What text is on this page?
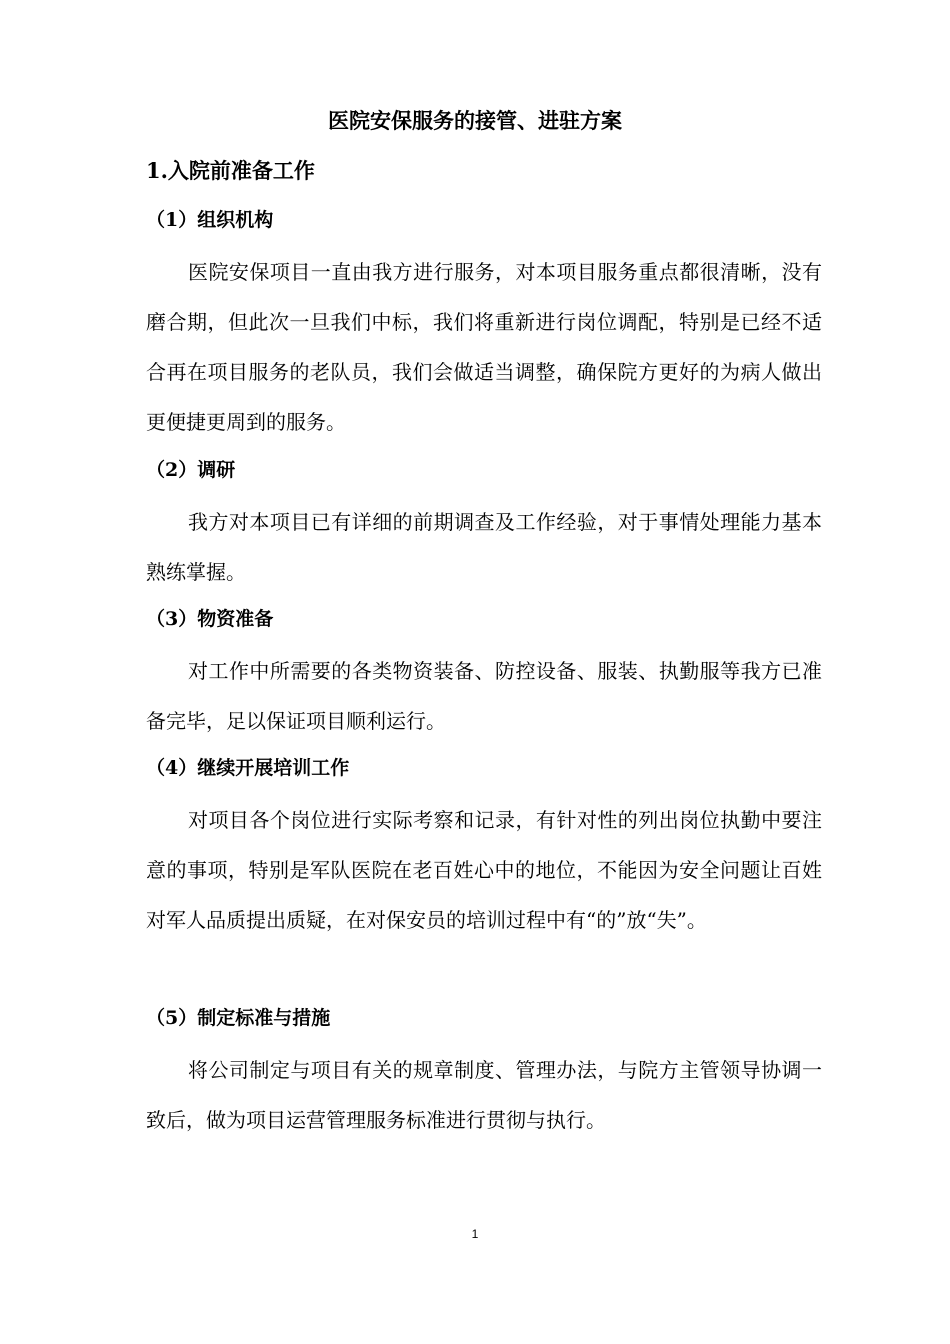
医院安保服务的接管、进驻方案
1.入院前准备工作
（1）组织机构

医院安保项目一直由我方进行服务，对本项目服务重点都很清晰，没有磨合期，但此次一旦我们中标，我们将重新进行岗位调配，特别是已经不适合再在项目服务的老队员，我们会做适当调整，确保院方更好的为病人做出更便捷更周到的服务。

（2）调研

我方对本项目已有详细的前期调查及工作经验，对于事情处理能力基本熟练掌握。

（3）物资准备

对工作中所需要的各类物资装备、防控设备、服装、执勤服等我方已准备完毕，足以保证项目顺利运行。

（4）继续开展培训工作

对项目各个岗位进行实际考察和记录，有针对性的列出岗位执勤中要注意的事项，特别是军队医院在老百姓心中的地位，不能因为安全问题让百姓对军人品质提出质疑，在对保安员的培训过程中有“的”放“失”。

（5）制定标准与措施

将公司制定与项目有关的规章制度、管理办法，与院方主管领导协调一致后，做为项目运营管理服务标准进行贯彻与执行。

1
